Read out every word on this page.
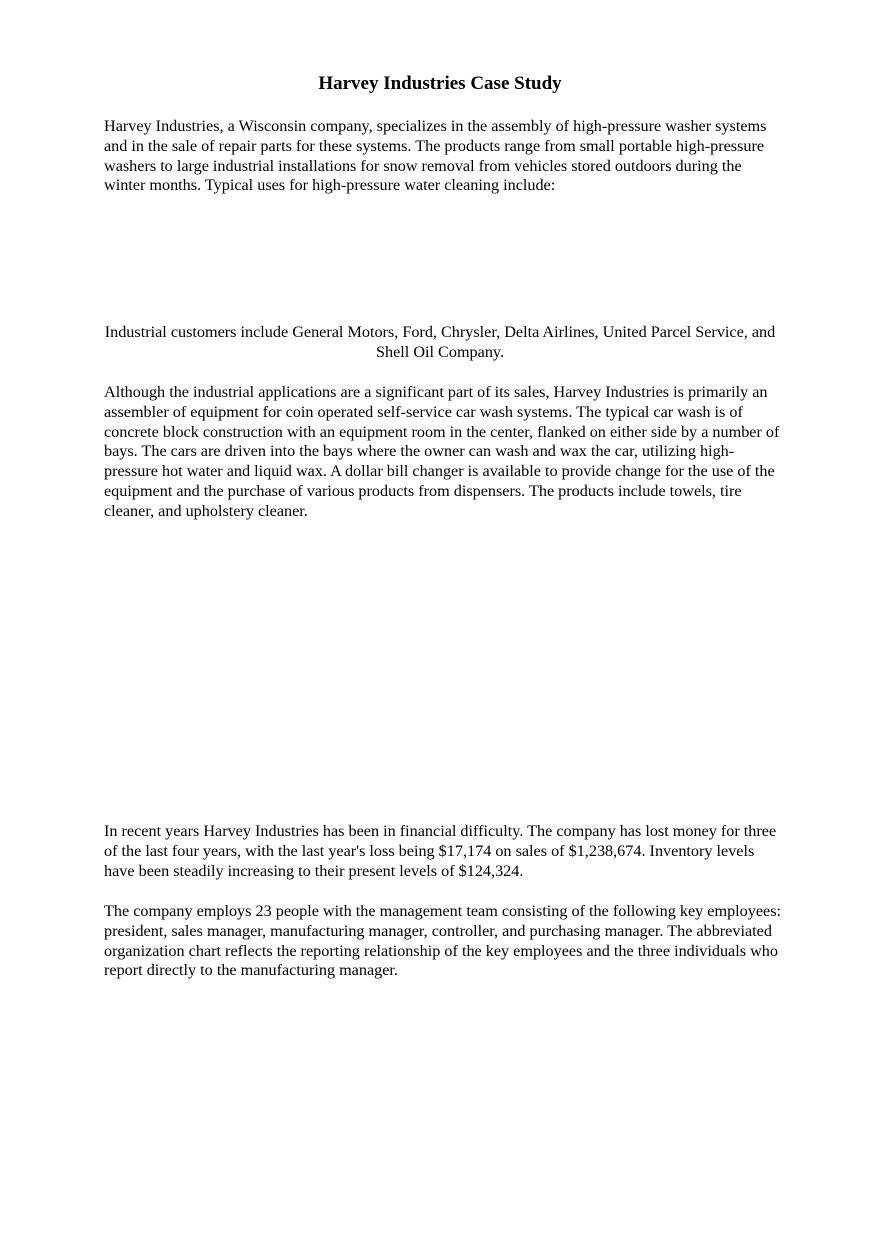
Harvey Industries Case Study
Harvey Industries, a Wisconsin company, specializes in the assembly of high-pressure washer systems and in the sale of repair parts for these systems. The products range from small portable high-pressure washers to large industrial installations for snow removal from vehicles stored outdoors during the winter months. Typical uses for high-pressure water cleaning include:
Industrial customers include General Motors, Ford, Chrysler, Delta Airlines, United Parcel Service, and Shell Oil Company.
Although the industrial applications are a significant part of its sales, Harvey Industries is primarily an assembler of equipment for coin operated self-service car wash systems. The typical car wash is of concrete block construction with an equipment room in the center, flanked on either side by a number of bays. The cars are driven into the bays where the owner can wash and wax the car, utilizing high-pressure hot water and liquid wax. A dollar bill changer is available to provide change for the use of the equipment and the purchase of various products from dispensers. The products include towels, tire cleaner, and upholstery cleaner.
In recent years Harvey Industries has been in financial difficulty. The company has lost money for three of the last four years, with the last year's loss being $17,174 on sales of $1,238,674. Inventory levels have been steadily increasing to their present levels of $124,324.
The company employs 23 people with the management team consisting of the following key employees: president, sales manager, manufacturing manager, controller, and purchasing manager. The abbreviated organization chart reflects the reporting relationship of the key employees and the three individuals who report directly to the manufacturing manager.
